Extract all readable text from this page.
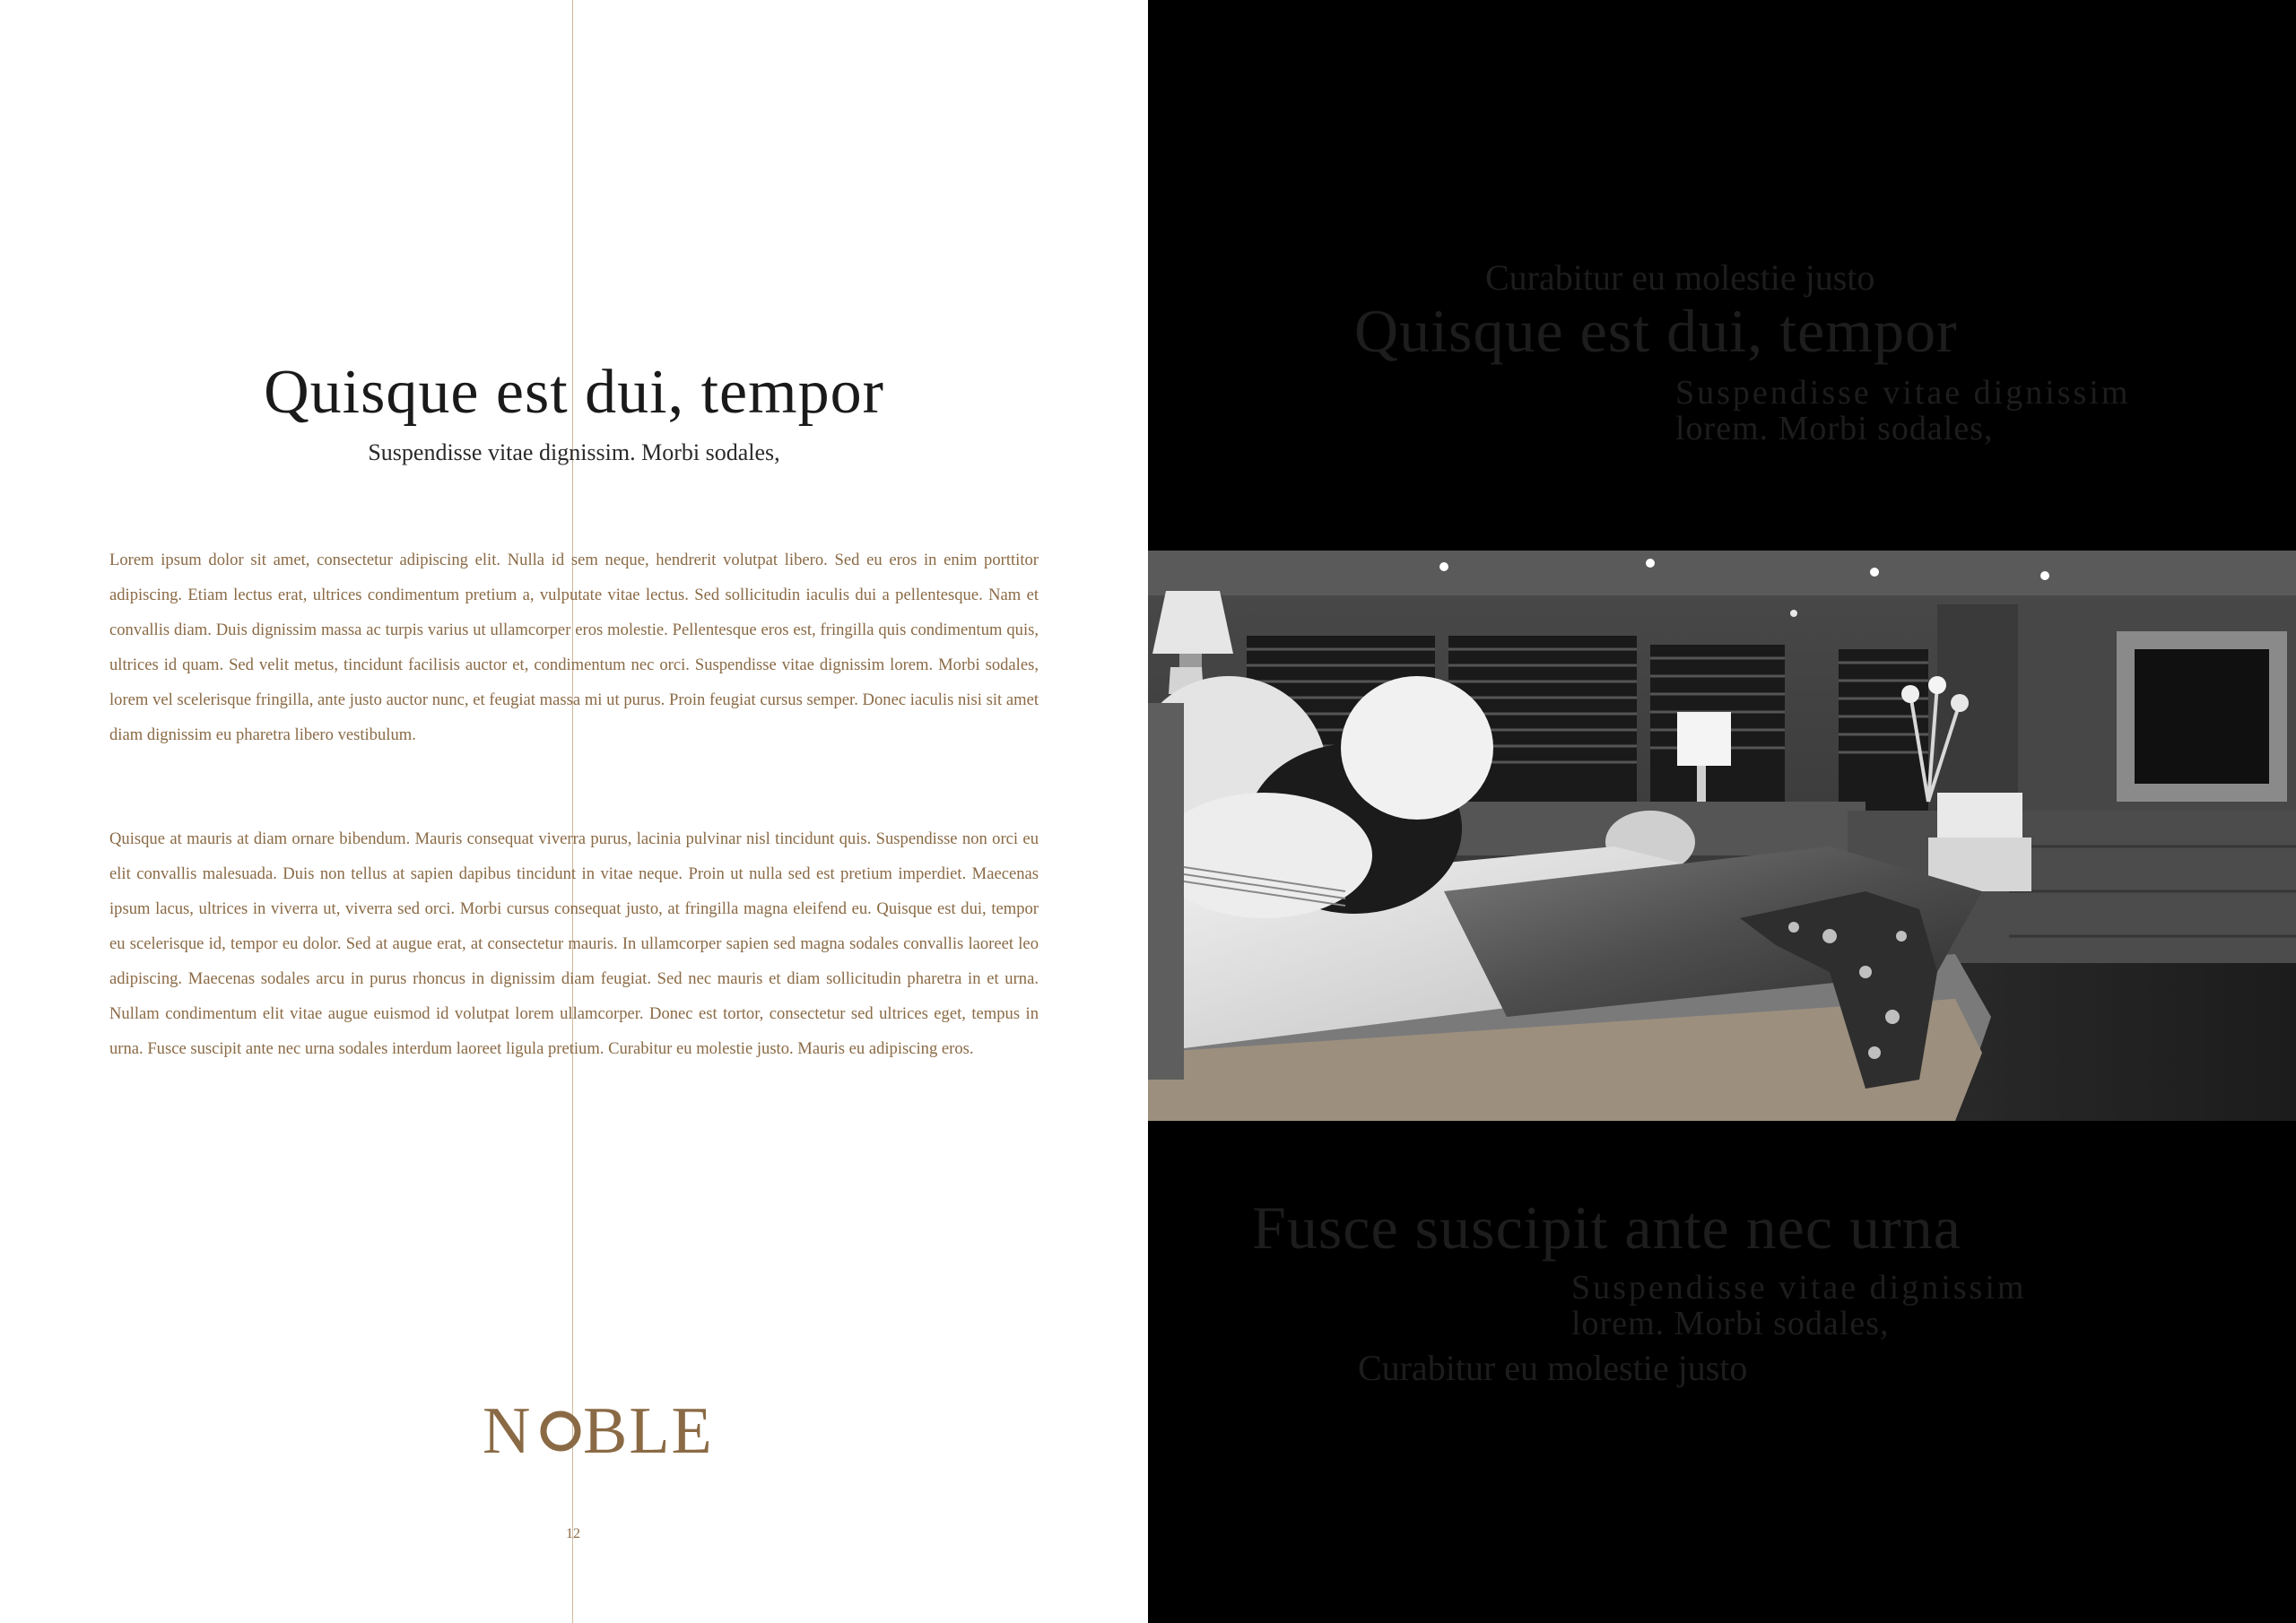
Quisque est dui, tempor

Suspendisse vitae dignissim. Morbi sodales,

Lorem ipsum dolor sit amet, consectetur adipiscing elit. Nulla id sem neque, hendrerit volutpat libero. Sed eu eros in enim porttitor adipiscing. Etiam lectus erat, ultrices condimentum pretium a, vulputate vitae lectus. Sed sollicitudin iaculis dui a pellentesque. Nam et convallis diam. Duis dignissim massa ac turpis varius ut ullamcorper eros molestie. Pellentesque eros est, fringilla quis condimentum quis, ultrices id quam. Sed velit metus, tincidunt facilisis auctor et, condimentum nec orci. Suspendisse vitae dignissim lorem. Morbi sodales, lorem vel scelerisque fringilla, ante justo auctor nunc, et feugiat massa mi ut purus. Proin feugiat cursus semper. Donec iaculis nisi sit amet diam dignissim eu pharetra libero vestibulum.

Quisque at mauris at diam ornare bibendum. Mauris consequat viverra purus, lacinia pulvinar nisl tincidunt quis. Suspendisse non orci eu elit convallis malesuada. Duis non tellus at sapien dapibus tincidunt in vitae neque. Proin ut nulla sed est pretium imperdiet. Maecenas ipsum lacus, ultrices in viverra ut, viverra sed orci. Morbi cursus consequat justo, at fringilla magna eleifend eu. Quisque est dui, tempor eu scelerisque id, tempor eu dolor. Sed at augue erat, at consectetur mauris. In ullamcorper sapien sed magna sodales convallis laoreet leo adipiscing. Maecenas sodales arcu in purus rhoncus in dignissim diam feugiat. Sed nec mauris et diam sollicitudin pharetra in et urna. Nullam condimentum elit vitae augue euismod id volutpat lorem ullamcorper. Donec est tortor, consectetur sed ultrices eget, tempus in urna. Fusce suscipit ante nec urna sodales interdum laoreet ligula pretium. Curabitur eu molestie justo. Mauris eu adipiscing eros.

N BLE
12

Curabitur eu molestie justo

Quisque est dui, tempor

Suspendisse vitae dignissim

lorem. Morbi sodales,

Fusce suscipit ante nec urna

Suspendisse vitae dignissim

lorem. Morbi sodales,

Curabitur eu molestie justo
